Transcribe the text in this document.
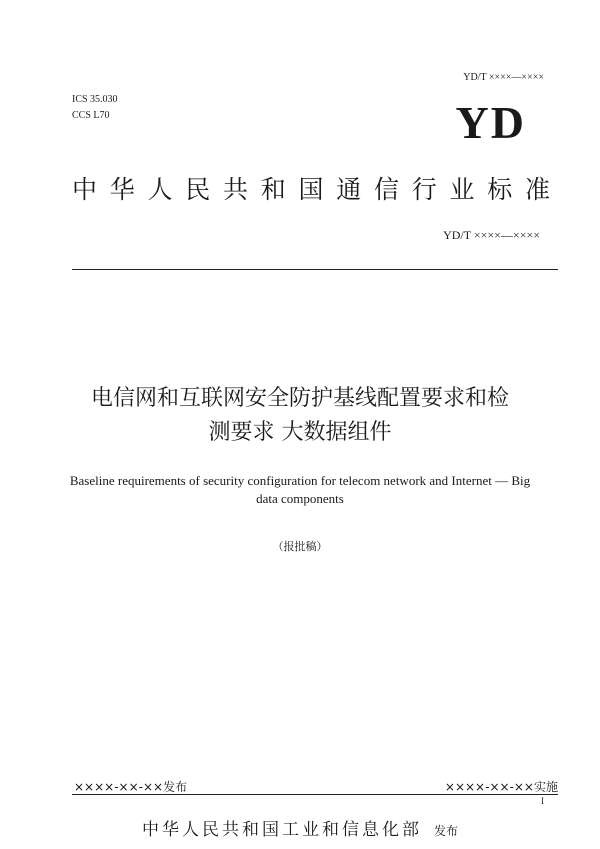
YD/T ××××—××××
ICS 35.030
CCS L70	YD
中华人民共和国通信行业标准
YD/T ××××—××××
电信网和互联网安全防护基线配置要求和检
测要求 大数据组件
Baseline requirements of security configuration for telecom network and Internet — Big
data components
（报批稿）
××××-××-××发布	××××-××-××实施
I
中华人民共和国工业和信息化部 发布
